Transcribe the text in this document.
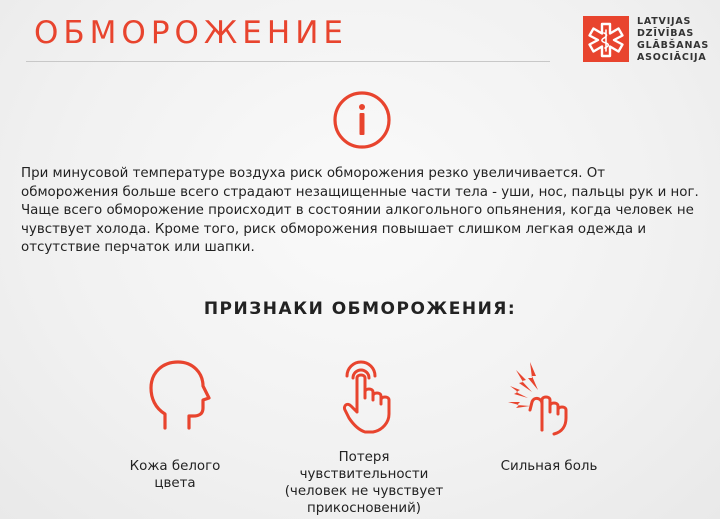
ОБМОРОЖЕНИЕ	LATVIJAS
DZĪVĪBAS
GLĀBŠANAS
ASOCIĀCIJA

При минусовой температуре воздуха риск обморожения резко увеличивается. От обморожения больше всего страдают незащищенные части тела - уши, нос, пальцы рук и ног. Чаще всего обморожение происходит в состоянии алкогольного опьянения, когда человек не чувствует холода. Кроме того, риск обморожения повышает слишком легкая одежда и отсутствие перчаток или шапки.

ПРИЗНАКИ ОБМОРОЖЕНИЯ:

Кожа белого
цвета

Потеря
чувствительности
(человек не чувствует
прикосновений)

Сильная боль
